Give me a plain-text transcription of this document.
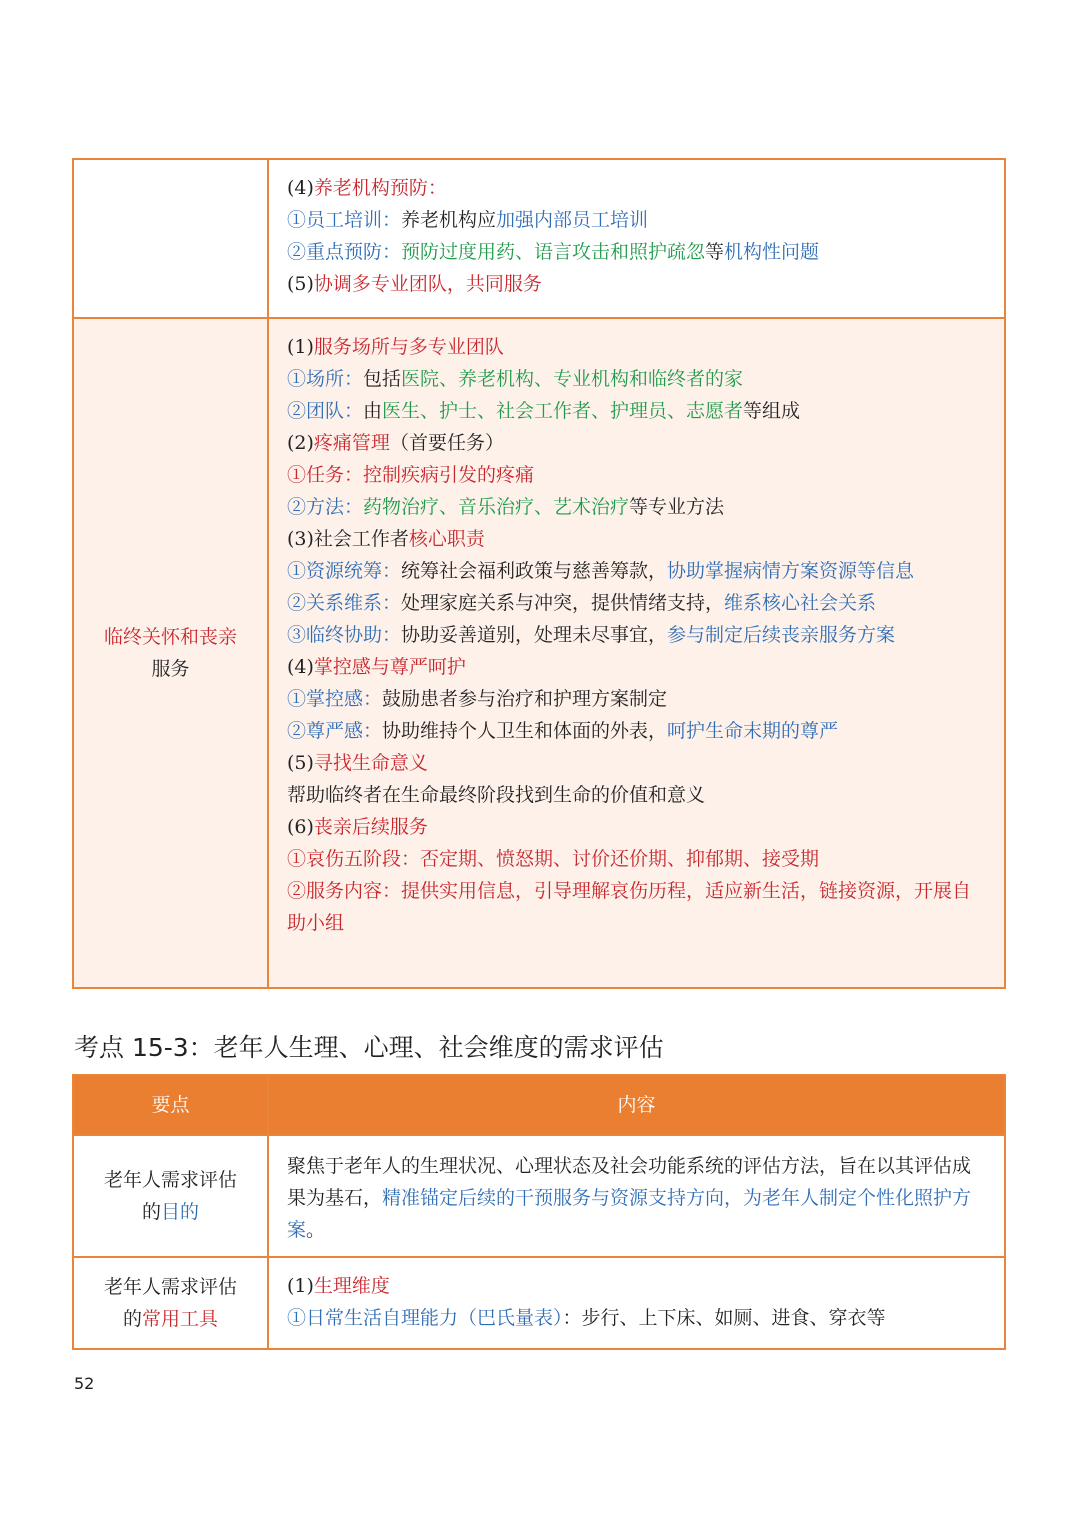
(4)养老机构预防：
①员工培训：养老机构应加强内部员工培训
②重点预防：预防过度用药、语言攻击和照护疏忽等机构性问题
(5)协调多专业团队，共同服务
临终关怀和丧亲
服务
(1)服务场所与多专业团队
①场所：包括医院、养老机构、专业机构和临终者的家
②团队：由医生、护士、社会工作者、护理员、志愿者等组成
(2)疼痛管理（首要任务）
①任务：控制疾病引发的疼痛
②方法：药物治疗、音乐治疗、艺术治疗等专业方法
(3)社会工作者核心职责
①资源统筹：统筹社会福利政策与慈善筹款，协助掌握病情方案资源等信息
②关系维系：处理家庭关系与冲突，提供情绪支持，维系核心社会关系
③临终协助：协助妥善道别，处理未尽事宜，参与制定后续丧亲服务方案
(4)掌控感与尊严呵护
①掌控感：鼓励患者参与治疗和护理方案制定
②尊严感：协助维持个人卫生和体面的外表，呵护生命末期的尊严
(5)寻找生命意义
帮助临终者在生命最终阶段找到生命的价值和意义
(6)丧亲后续服务
①哀伤五阶段：否定期、愤怒期、讨价还价期、抑郁期、接受期
②服务内容：提供实用信息，引导理解哀伤历程，适应新生活，链接资源，开展自助小组
考点 15-3：老年人生理、心理、社会维度的需求评估
要点	内容
老年人需求评估
的目的
聚焦于老年人的生理状况、心理状态及社会功能系统的评估方法，旨在以其评估成果为基石，精准锚定后续的干预服务与资源支持方向，为老年人制定个性化照护方案。
老年人需求评估
的常用工具
(1)生理维度
①日常生活自理能力（巴氏量表）：步行、上下床、如厕、进食、穿衣等
52
